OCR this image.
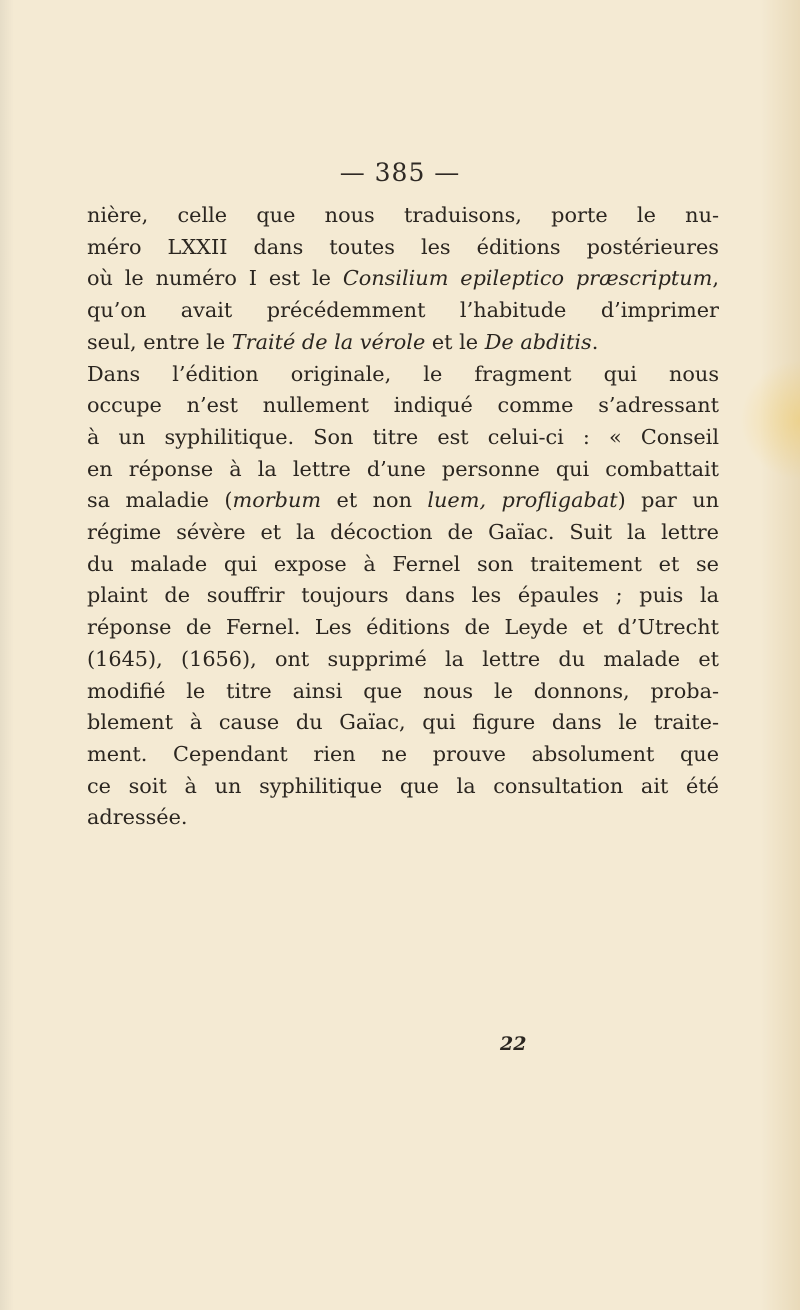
— 385 —
nière, celle que nous traduisons, porte le nu-
méro LXXII dans toutes les éditions postérieures
où le numéro I est le Consilium epileptico præscriptum,
qu’on avait précédemment l’habitude d’imprimer
seul, entre le Traité de la vérole et le De abditis.
Dans l’édition originale, le fragment qui nous
occupe n’est nullement indiqué comme s’adressant
à un syphilitique. Son titre est celui-ci : « Conseil
en réponse à la lettre d’une personne qui combattait
sa maladie (morbum et non luem, profligabat) par un
régime sévère et la décoction de Gaïac. Suit la lettre
du malade qui expose à Fernel son traitement et se
plaint de souffrir toujours dans les épaules ; puis la
réponse de Fernel. Les éditions de Leyde et d’Utrecht
(1645), (1656), ont supprimé la lettre du malade et
modifié le titre ainsi que nous le donnons, proba-
blement à cause du Gaïac, qui figure dans le traite-
ment. Cependant rien ne prouve absolument que
ce soit à un syphilitique que la consultation ait été
adressée.
22
